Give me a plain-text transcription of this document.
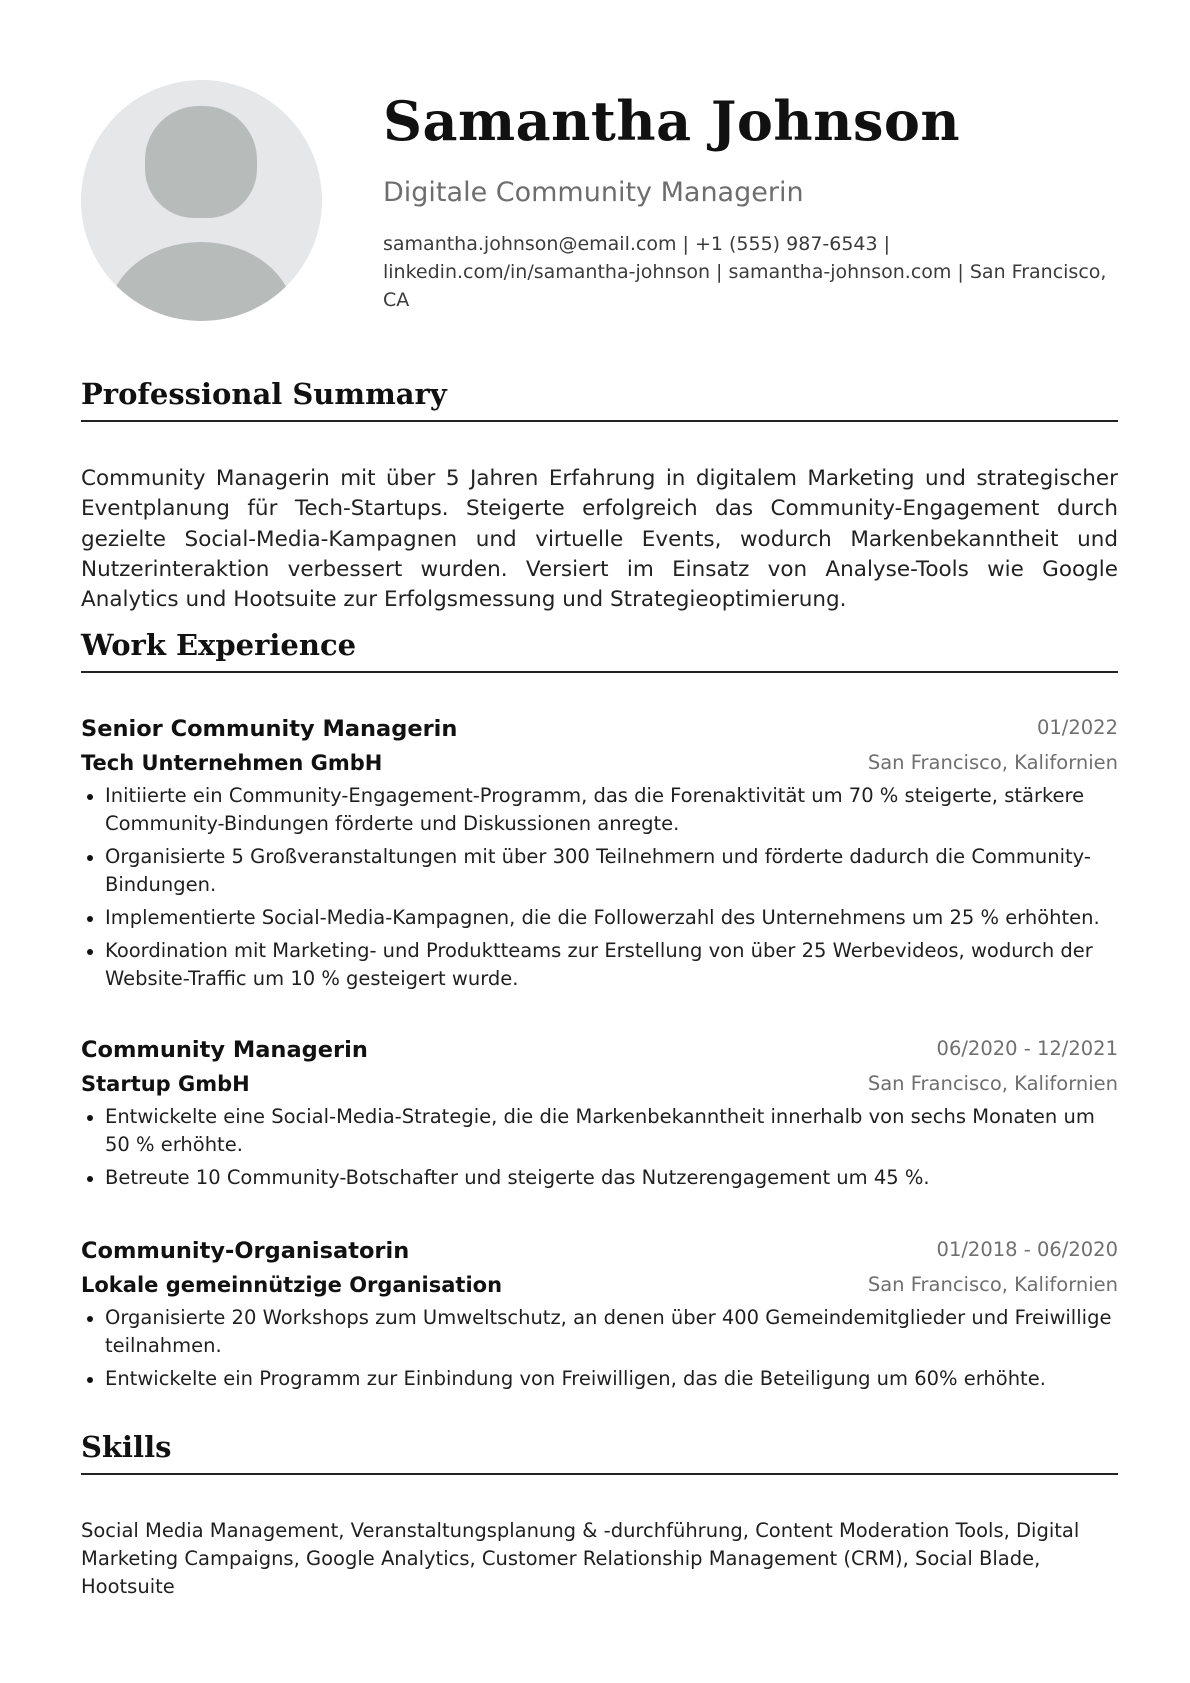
Samantha Johnson
Digitale Community Managerin
samantha.johnson@email.com | +1 (555) 987-6543 | linkedin.com/in/samantha-johnson | samantha-johnson.com | San Francisco, CA
Professional Summary
Community Managerin mit über 5 Jahren Erfahrung in digitalem Marketing und strategischer Eventplanung für Tech-Startups. Steigerte erfolgreich das Community-Engagement durch gezielte Social-Media-Kampagnen und virtuelle Events, wodurch Markenbekanntheit und Nutzerinteraktion verbessert wurden. Versiert im Einsatz von Analyse-Tools wie Google Analytics und Hootsuite zur Erfolgsmessung und Strategieoptimierung.
Work Experience
Senior Community Managerin	01/2022
Tech Unternehmen GmbH	San Francisco, Kalifornien
Initiierte ein Community-Engagement-Programm, das die Forenaktivität um 70 % steigerte, stärkere Community-Bindungen förderte und Diskussionen anregte.
Organisierte 5 Großveranstaltungen mit über 300 Teilnehmern und förderte dadurch die Community-Bindungen.
Implementierte Social-Media-Kampagnen, die die Followerzahl des Unternehmens um 25 % erhöhten.
Koordination mit Marketing- und Produktteams zur Erstellung von über 25 Werbevideos, wodurch der Website-Traffic um 10 % gesteigert wurde.
Community Managerin	06/2020 - 12/2021
Startup GmbH	San Francisco, Kalifornien
Entwickelte eine Social-Media-Strategie, die die Markenbekanntheit innerhalb von sechs Monaten um 50 % erhöhte.
Betreute 10 Community-Botschafter und steigerte das Nutzerengagement um 45 %.
Community-Organisatorin	01/2018 - 06/2020
Lokale gemeinnützige Organisation	San Francisco, Kalifornien
Organisierte 20 Workshops zum Umweltschutz, an denen über 400 Gemeindemitglieder und Freiwillige teilnahmen.
Entwickelte ein Programm zur Einbindung von Freiwilligen, das die Beteiligung um 60% erhöhte.
Skills
Social Media Management, Veranstaltungsplanung & -durchführung, Content Moderation Tools, Digital Marketing Campaigns, Google Analytics, Customer Relationship Management (CRM), Social Blade, Hootsuite
